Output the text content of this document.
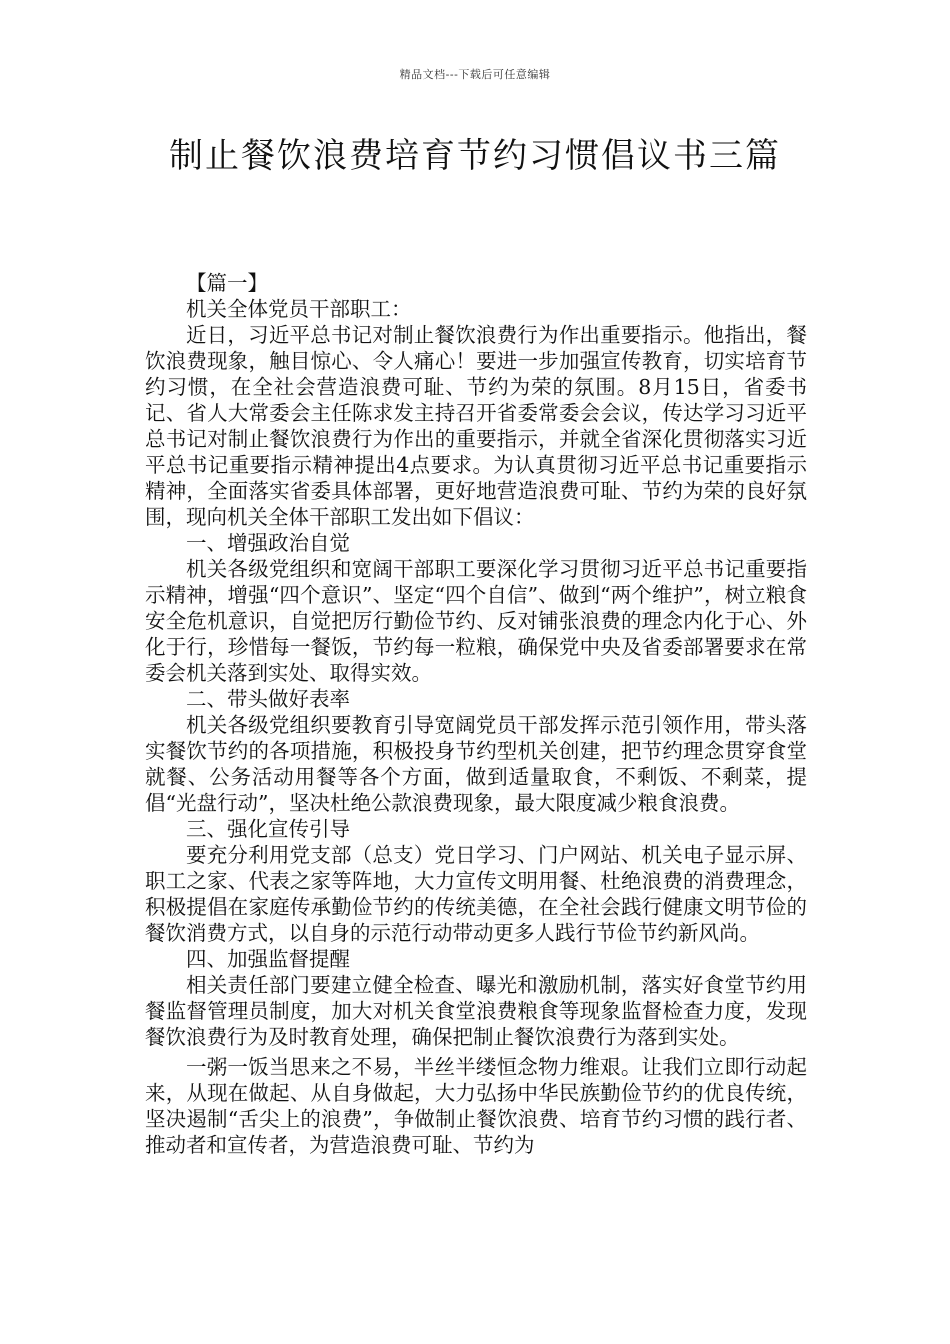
精品文档---下载后可任意编辑
制止餐饮浪费培育节约习惯倡议书三篇

【篇一】

机关全体党员干部职工：

近日，习近平总书记对制止餐饮浪费行为作出重要指示。他指出，餐饮浪费现象，触目惊心、令人痛心！要进一步加强宣传教育，切实培育节约习惯，在全社会营造浪费可耻、节约为荣的氛围。8月15日，省委书记、省人大常委会主任陈求发主持召开省委常委会会议，传达学习习近平总书记对制止餐饮浪费行为作出的重要指示，并就全省深化贯彻落实习近平总书记重要指示精神提出4点要求。为认真贯彻习近平总书记重要指示精神，全面落实省委具体部署，更好地营造浪费可耻、节约为荣的良好氛围，现向机关全体干部职工发出如下倡议：

一、增强政治自觉

机关各级党组织和宽阔干部职工要深化学习贯彻习近平总书记重要指示精神，增强“四个意识”、坚定“四个自信”、做到“两个维护”，树立粮食安全危机意识，自觉把厉行勤俭节约、反对铺张浪费的理念内化于心、外化于行，珍惜每一餐饭，节约每一粒粮，确保党中央及省委部署要求在常委会机关落到实处、取得实效。

二、带头做好表率

机关各级党组织要教育引导宽阔党员干部发挥示范引领作用，带头落实餐饮节约的各项措施，积极投身节约型机关创建，把节约理念贯穿食堂就餐、公务活动用餐等各个方面，做到适量取食，不剩饭、不剩菜，提倡“光盘行动”，坚决杜绝公款浪费现象，最大限度减少粮食浪费。

三、强化宣传引导

要充分利用党支部（总支）党日学习、门户网站、机关电子显示屏、职工之家、代表之家等阵地，大力宣传文明用餐、杜绝浪费的消费理念，积极提倡在家庭传承勤俭节约的传统美德，在全社会践行健康文明节俭的餐饮消费方式，以自身的示范行动带动更多人践行节俭节约新风尚。

四、加强监督提醒

相关责任部门要建立健全检查、曝光和激励机制，落实好食堂节约用餐监督管理员制度，加大对机关食堂浪费粮食等现象监督检查力度，发现餐饮浪费行为及时教育处理，确保把制止餐饮浪费行为落到实处。

一粥一饭当思来之不易，半丝半缕恒念物力维艰。让我们立即行动起来，从现在做起、从自身做起，大力弘扬中华民族勤俭节约的优良传统，坚决遏制“舌尖上的浪费”，争做制止餐饮浪费、培育节约习惯的践行者、推动者和宣传者，为营造浪费可耻、节约为
